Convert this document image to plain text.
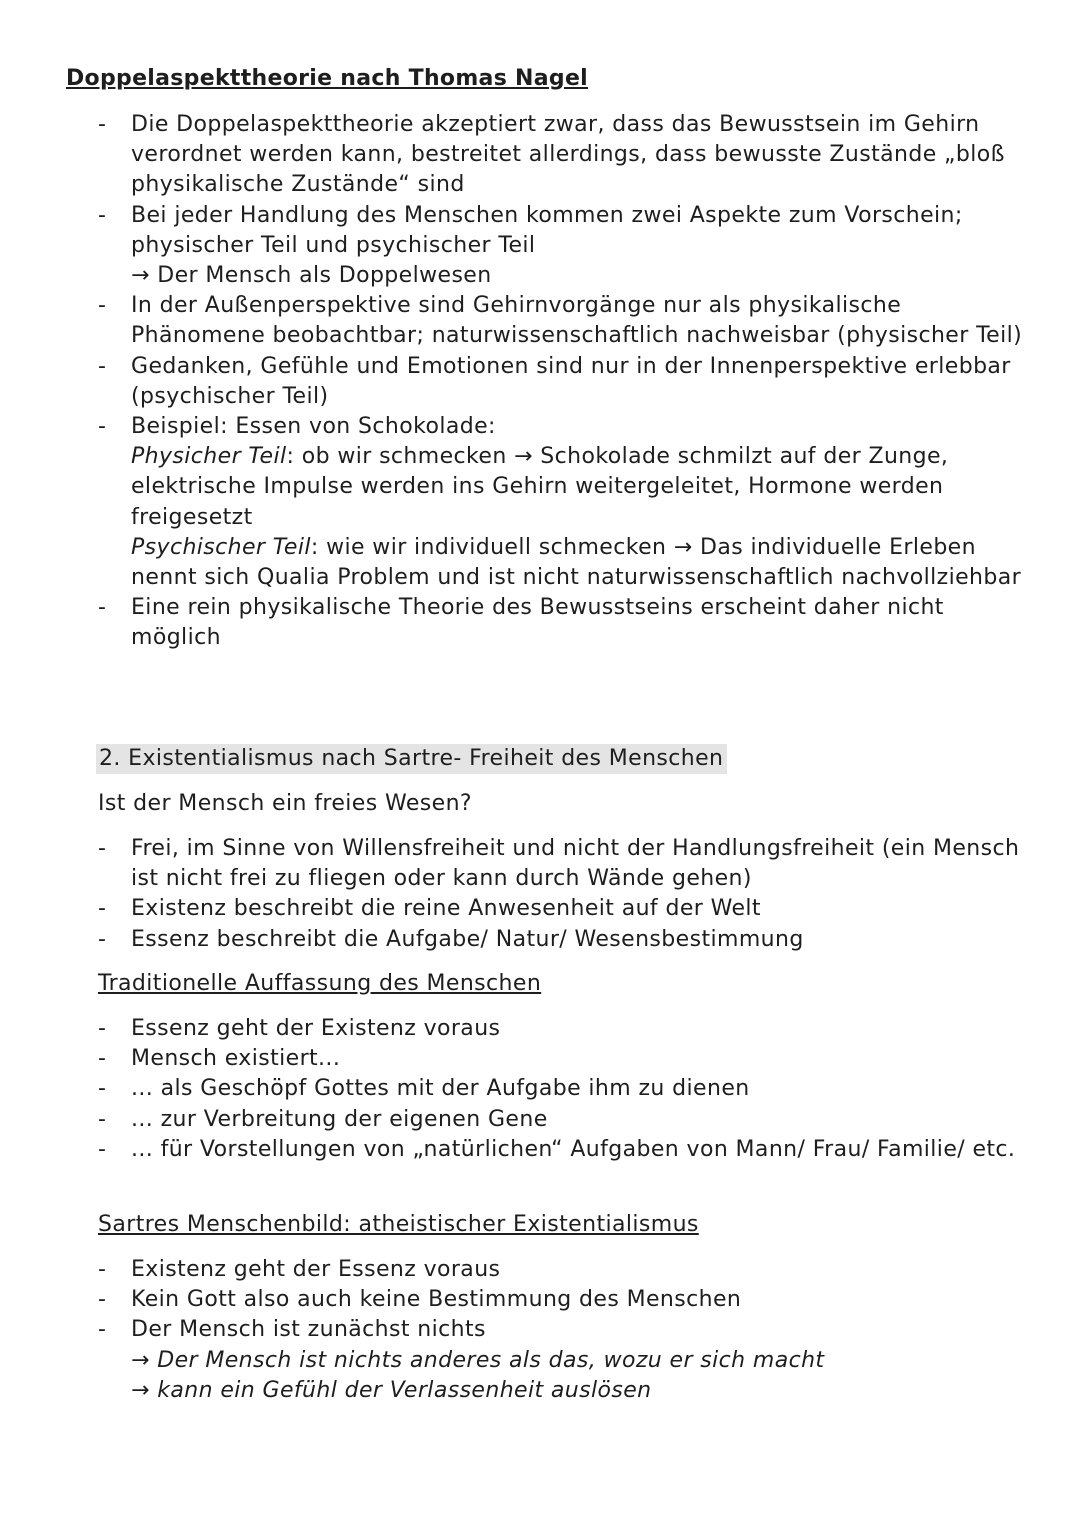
Doppelaspekttheorie nach Thomas Nagel
- Die Doppelaspekttheorie akzeptiert zwar, dass das Bewusstsein im Gehirn verordnet werden kann, bestreitet allerdings, dass bewusste Zustände „bloß physikalische Zustände“ sind
- Bei jeder Handlung des Menschen kommen zwei Aspekte zum Vorschein; physischer Teil und psychischer Teil
→ Der Mensch als Doppelwesen
- In der Außenperspektive sind Gehirnvorgänge nur als physikalische Phänomene beobachtbar; naturwissenschaftlich nachweisbar (physischer Teil)
- Gedanken, Gefühle und Emotionen sind nur in der Innenperspektive erlebbar (psychischer Teil)
- Beispiel: Essen von Schokolade:
Physicher Teil: ob wir schmecken → Schokolade schmilzt auf der Zunge, elektrische Impulse werden ins Gehirn weitergeleitet, Hormone werden freigesetzt
Psychischer Teil: wie wir individuell schmecken → Das individuelle Erleben nennt sich Qualia Problem und ist nicht naturwissenschaftlich nachvollziehbar
- Eine rein physikalische Theorie des Bewusstseins erscheint daher nicht möglich
2. Existentialismus nach Sartre- Freiheit des Menschen

Ist der Mensch ein freies Wesen?

- Frei, im Sinne von Willensfreiheit und nicht der Handlungsfreiheit (ein Mensch ist nicht frei zu fliegen oder kann durch Wände gehen)
- Existenz beschreibt die reine Anwesenheit auf der Welt
- Essenz beschreibt die Aufgabe/ Natur/ Wesensbestimmung
Traditionelle Auffassung des Menschen
- Essenz geht der Existenz voraus
- Mensch existiert...
- ... als Geschöpf Gottes mit der Aufgabe ihm zu dienen
- ... zur Verbreitung der eigenen Gene
- ... für Vorstellungen von „natürlichen“ Aufgaben von Mann/ Frau/ Familie/ etc.
Sartres Menschenbild: atheistischer Existentialismus
- Existenz geht der Essenz voraus
- Kein Gott also auch keine Bestimmung des Menschen
- Der Mensch ist zunächst nichts
→ Der Mensch ist nichts anderes als das, wozu er sich macht
→ kann ein Gefühl der Verlassenheit auslösen
